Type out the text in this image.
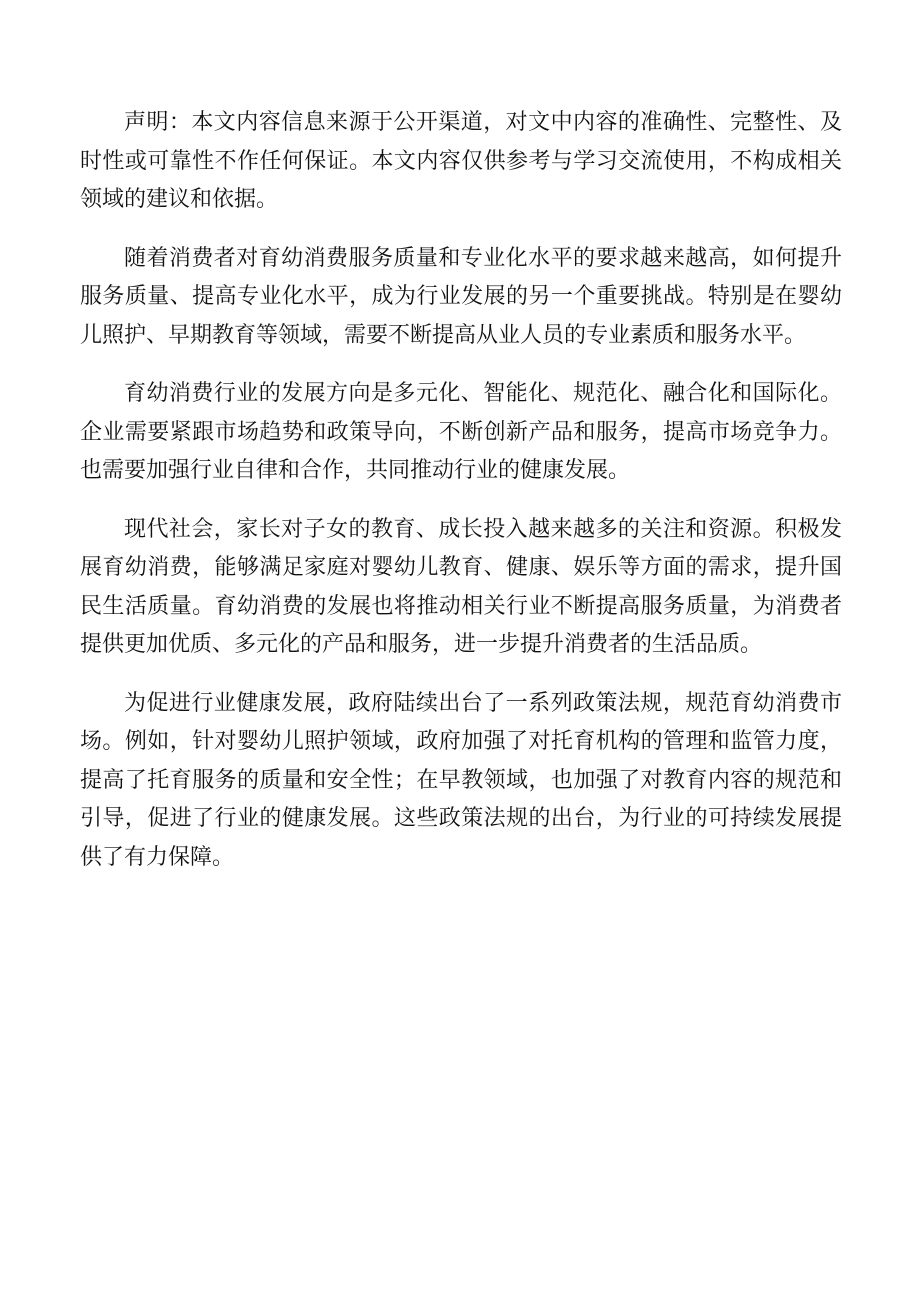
声明：本文内容信息来源于公开渠道，对文中内容的准确性、完整性、及时性或可靠性不作任何保证。本文内容仅供参考与学习交流使用，不构成相关领域的建议和依据。

随着消费者对育幼消费服务质量和专业化水平的要求越来越高，如何提升服务质量、提高专业化水平，成为行业发展的另一个重要挑战。特别是在婴幼儿照护、早期教育等领域，需要不断提高从业人员的专业素质和服务水平。

育幼消费行业的发展方向是多元化、智能化、规范化、融合化和国际化。企业需要紧跟市场趋势和政策导向，不断创新产品和服务，提高市场竞争力。也需要加强行业自律和合作，共同推动行业的健康发展。

现代社会，家长对子女的教育、成长投入越来越多的关注和资源。积极发展育幼消费，能够满足家庭对婴幼儿教育、健康、娱乐等方面的需求，提升国民生活质量。育幼消费的发展也将推动相关行业不断提高服务质量，为消费者提供更加优质、多元化的产品和服务，进一步提升消费者的生活品质。

为促进行业健康发展，政府陆续出台了一系列政策法规，规范育幼消费市场。例如，针对婴幼儿照护领域，政府加强了对托育机构的管理和监管力度，提高了托育服务的质量和安全性；在早教领域，也加强了对教育内容的规范和引导，促进了行业的健康发展。这些政策法规的出台，为行业的可持续发展提供了有力保障。
